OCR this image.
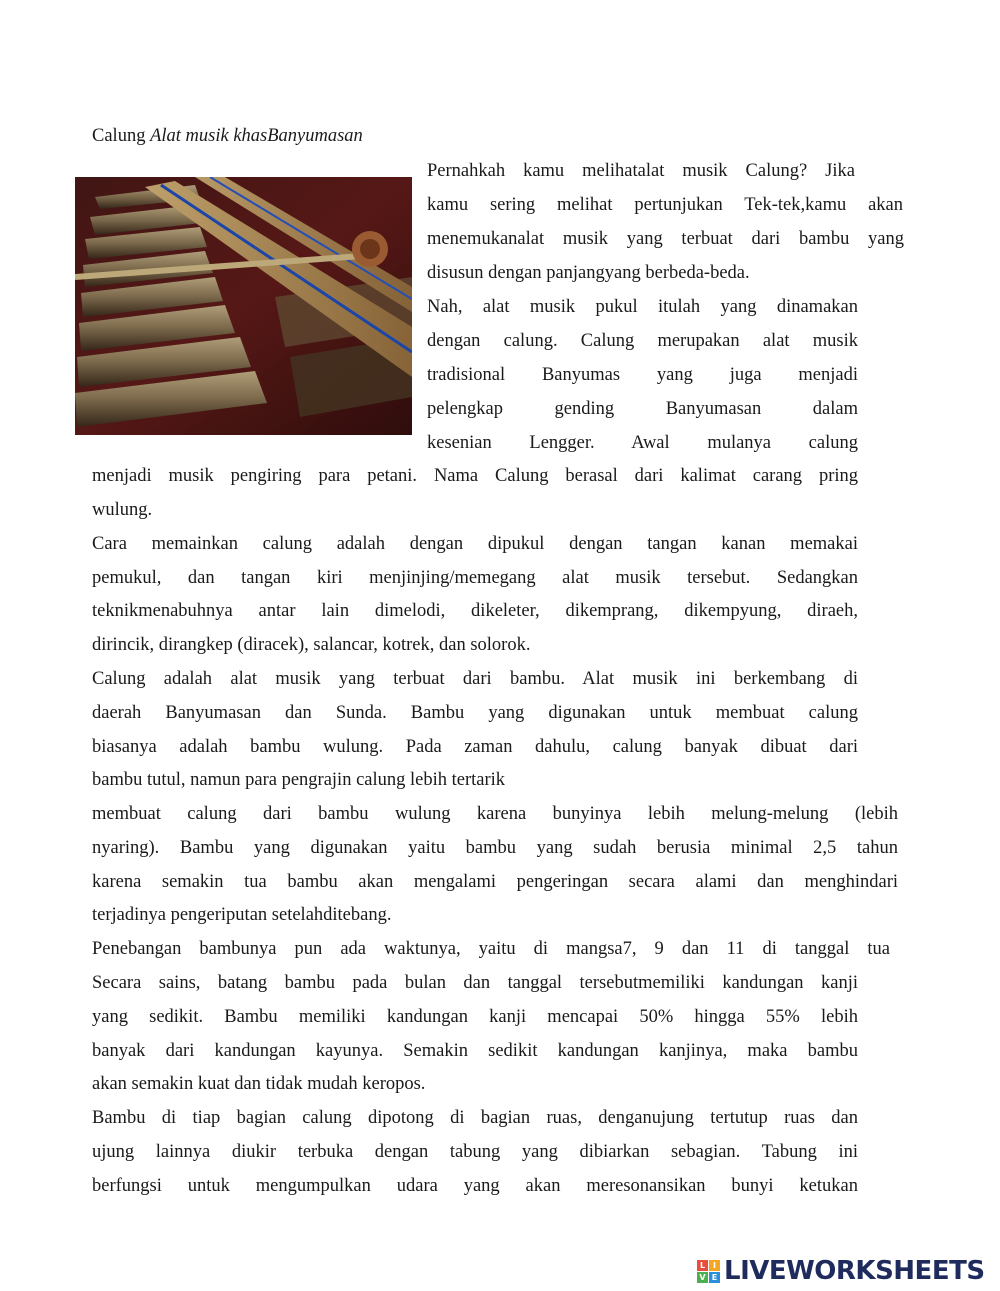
Calung Alat musik khasBanyumasan
Pernahkah kamu melihatalat musik Calung? Jika
kamu sering melihat pertunjukan Tek-tek,kamu akan
menemukanalat musik yang terbuat dari bambu yang
disusun dengan panjangyang berbeda-beda.
Nah, alat musik pukul itulah yang dinamakan
dengan calung. Calung merupakan alat musik
tradisional Banyumas yang juga menjadi
pelengkap gending Banyumasan dalam
kesenian Lengger. Awal mulanya calung
menjadi musik pengiring para petani. Nama Calung berasal dari kalimat carang pring
wulung.
Cara memainkan calung adalah dengan dipukul dengan tangan kanan memakai
pemukul, dan tangan kiri menjinjing/memegang alat musik tersebut. Sedangkan
teknikmenabuhnya antar lain dimelodi, dikeleter, dikemprang, dikempyung, diraeh,
dirincik, dirangkep (diracek), salancar, kotrek, dan solorok.
Calung adalah alat musik yang terbuat dari bambu. Alat musik ini berkembang di
daerah Banyumasan dan Sunda. Bambu yang digunakan untuk membuat calung
biasanya adalah bambu wulung. Pada zaman dahulu, calung banyak dibuat dari
bambu tutul, namun para pengrajin calung lebih tertarik
membuat calung dari bambu wulung karena bunyinya lebih melung-melung (lebih
nyaring). Bambu yang digunakan yaitu bambu yang sudah berusia minimal 2,5 tahun
karena semakin tua bambu akan mengalami pengeringan secara alami dan menghindari
terjadinya pengeriputan setelahditebang.
Penebangan bambunya pun ada waktunya, yaitu di mangsa7, 9 dan 11 di tanggal tua
Secara sains, batang bambu pada bulan dan tanggal tersebutmemiliki kandungan kanji
yang sedikit. Bambu memiliki kandungan kanji mencapai 50% hingga 55% lebih
banyak dari kandungan kayunya. Semakin sedikit kandungan kanjinya, maka bambu
akan semakin kuat dan tidak mudah keropos.
Bambu di tiap bagian calung dipotong di bagian ruas, denganujung tertutup ruas dan
ujung lainnya diukir terbuka dengan tabung yang dibiarkan sebagian. Tabung ini
berfungsi untuk mengumpulkan udara yang akan meresonansikan bunyi ketukan
L I
V E LIVEWORKSHEETS
